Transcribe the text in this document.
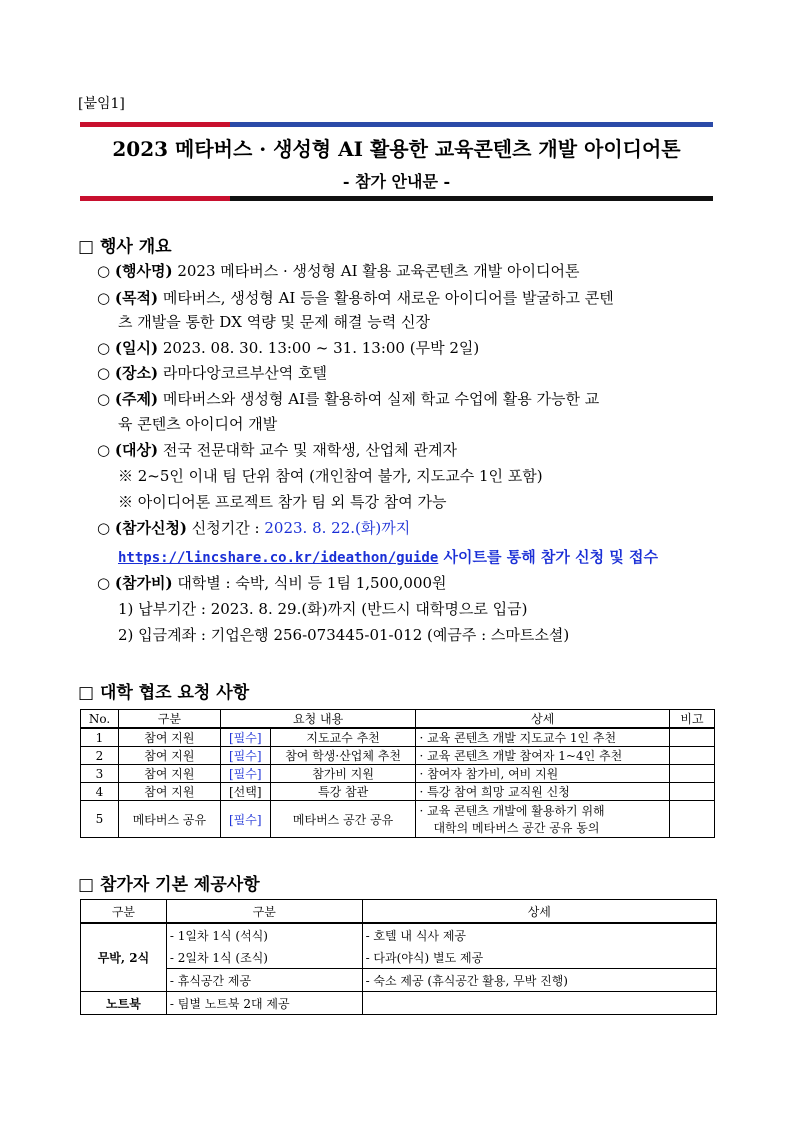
[붙임1]
2023 메타버스 · 생성형 AI 활용한 교육콘텐츠 개발 아이디어톤
- 참가 안내문 -
□ 행사 개요
○ (행사명) 2023 메타버스 · 생성형 AI 활용 교육콘텐츠 개발 아이디어톤
○ (목적) 메타버스, 생성형 AI 등을 활용하여 새로운 아이디어를 발굴하고 콘텐
츠 개발을 통한 DX 역량 및 문제 해결 능력 신장
○ (일시) 2023. 08. 30. 13:00 ~ 31. 13:00 (무박 2일)
○ (장소) 라마다앙코르부산역 호텔
○ (주제) 메타버스와 생성형 AI를 활용하여 실제 학교 수업에 활용 가능한 교
육 콘텐츠 아이디어 개발
○ (대상) 전국 전문대학 교수 및 재학생, 산업체 관계자
※ 2~5인 이내 팀 단위 참여 (개인참여 불가, 지도교수 1인 포함)
※ 아이디어톤 프로젝트 참가 팀 외 특강 참여 가능
○ (참가신청) 신청기간 : 2023. 8. 22.(화)까지
https://lincshare.co.kr/ideathon/guide 사이트를 통해 참가 신청 및 접수
○ (참가비) 대학별 : 숙박, 식비 등 1팀 1,500,000원
1) 납부기간 : 2023. 8. 29.(화)까지 (반드시 대학명으로 입금)
2) 입금계좌 : 기업은행 256-073445-01-012 (예금주 : 스마트소셜)
□ 대학 협조 요청 사항
No.	구분	요청 내용		상세	비고
1	참여 지원	[필수]	지도교수 추천	· 교육 콘텐츠 개발 지도교수 1인 추천	
2	참여 지원	[필수]	참여 학생·산업체 추천	· 교육 콘텐츠 개발 참여자 1~4인 추천	
3	참여 지원	[필수]	참가비 지원	· 참여자 참가비, 여비 지원	
4	참여 지원	[선택]	특강 참관	· 특강 참여 희망 교직원 신청	
5	메타버스 공유	[필수]	메타버스 공간 공유	· 교육 콘텐츠 개발에 활용하기 위해
대학의 메타버스 공간 공유 동의	

□ 참가자 기본 제공사항
구분	구분	상세
무박, 2식	- 1일차 1식 (석식)	- 호텔 내 식사 제공
	- 2일차 1식 (조식)	- 다과(야식) 별도 제공
	- 휴식공간 제공	- 숙소 제공 (휴식공간 활용, 무박 진행)
노트북	- 팀별 노트북 2대 제공	
